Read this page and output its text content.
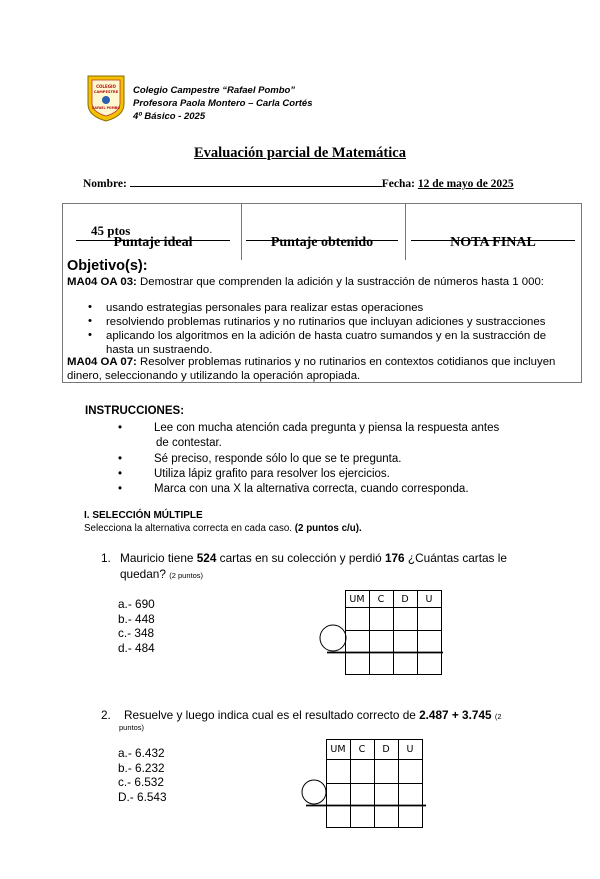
COLEGIO
CAMPESTRE
RAFAEL POMBO
Colegio Campestre “Rafael Pombo”
Profesora Paola Montero – Carla Cortés
4º Básico - 2025
Evaluación parcial de Matemática
Nombre:	Fecha: 12 de mayo de 2025
45 ptos
Puntaje ideal	Puntaje obtenido	NOTA FINAL
Objetivo(s):
MA04 OA 03: Demostrar que comprenden la adición y la sustracción de números hasta 1 000:
• usando estrategias personales para realizar estas operaciones
• resolviendo problemas rutinarios y no rutinarios que incluyan adiciones y sustracciones
• aplicando los algoritmos en la adición de hasta cuatro sumandos y en la sustracción de hasta un sustraendo.
MA04 OA 07: Resolver problemas rutinarios y no rutinarios en contextos cotidianos que incluyen dinero, seleccionando y utilizando la operación apropiada.
INSTRUCCIONES:
•	Lee con mucha atención cada pregunta y piensa la respuesta antes
de contestar.
•	Sé preciso, responde sólo lo que se te pregunta.
•	Utiliza lápiz grafito para resolver los ejercicios.
•	Marca con una X la alternativa correcta, cuando corresponda.
I. SELECCIÓN MÚLTIPLE
Selecciona la alternativa correcta en cada caso. (2 puntos c/u).
1. Mauricio tiene 524 cartas en su colección y perdió 176 ¿Cuántas cartas le
quedan? (2 puntos)
a.- 690
b.- 448
c.- 348
d.- 484
UM C D U
2. Resuelve y luego indica cual es el resultado correcto de 2.487 + 3.745 (2
puntos)
a.- 6.432
b.- 6.232
c.- 6.532
D.- 6.543
UM C D U
